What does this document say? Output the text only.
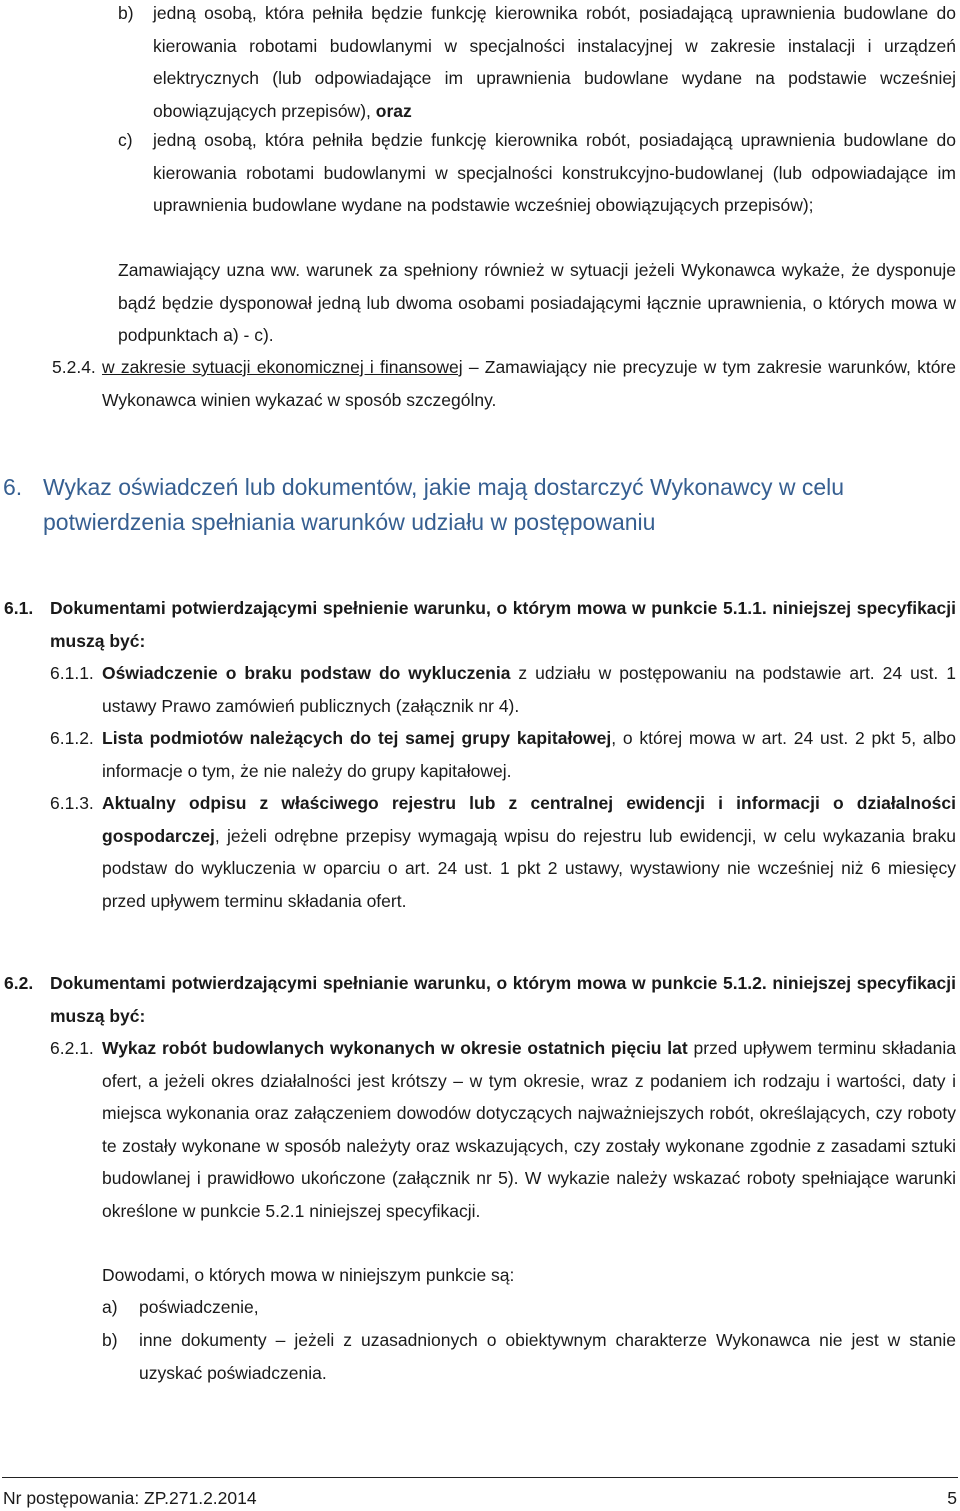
b) jedną osobą, która pełniła będzie funkcję kierownika robót, posiadającą uprawnienia budowlane do kierowania robotami budowlanymi w specjalności instalacyjnej w zakresie instalacji i urządzeń elektrycznych (lub odpowiadające im uprawnienia budowlane wydane na podstawie wcześniej obowiązujących przepisów), oraz
c) jedną osobą, która pełniła będzie funkcję kierownika robót, posiadającą uprawnienia budowlane do kierowania robotami budowlanymi w specjalności konstrukcyjno-budowlanej (lub odpowiadające im uprawnienia budowlane wydane na podstawie wcześniej obowiązujących przepisów);
Zamawiający uzna ww. warunek za spełniony również w sytuacji jeżeli Wykonawca wykaże, że dysponuje bądź będzie dysponował jedną lub dwoma osobami posiadającymi łącznie uprawnienia, o których mowa w podpunktach a) - c).
5.2.4. w zakresie sytuacji ekonomicznej i finansowej – Zamawiający nie precyzuje w tym zakresie warunków, które Wykonawca winien wykazać w sposób szczególny.
6. Wykaz oświadczeń lub dokumentów, jakie mają dostarczyć Wykonawcy w celu potwierdzenia spełniania warunków udziału w postępowaniu
6.1. Dokumentami potwierdzającymi spełnienie warunku, o którym mowa w punkcie 5.1.1. niniejszej specyfikacji muszą być:
6.1.1. Oświadczenie o braku podstaw do wykluczenia z udziału w postępowaniu na podstawie art. 24 ust. 1 ustawy Prawo zamówień publicznych (załącznik nr 4).
6.1.2. Lista podmiotów należących do tej samej grupy kapitałowej, o której mowa w art. 24 ust. 2 pkt 5, albo informacje o tym, że nie należy do grupy kapitałowej.
6.1.3. Aktualny odpisu z właściwego rejestru lub z centralnej ewidencji i informacji o działalności gospodarczej, jeżeli odrębne przepisy wymagają wpisu do rejestru lub ewidencji, w celu wykazania braku podstaw do wykluczenia w oparciu o art. 24 ust. 1 pkt 2 ustawy, wystawiony nie wcześniej niż 6 miesięcy przed upływem terminu składania ofert.
6.2. Dokumentami potwierdzającymi spełnianie warunku, o którym mowa w punkcie 5.1.2. niniejszej specyfikacji muszą być:
6.2.1. Wykaz robót budowlanych wykonanych w okresie ostatnich pięciu lat przed upływem terminu składania ofert, a jeżeli okres działalności jest krótszy – w tym okresie, wraz z podaniem ich rodzaju i wartości, daty i miejsca wykonania oraz załączeniem dowodów dotyczących najważniejszych robót, określających, czy roboty te zostały wykonane w sposób należyty oraz wskazujących, czy zostały wykonane zgodnie z zasadami sztuki budowlanej i prawidłowo ukończone (załącznik nr 5). W wykazie należy wskazać roboty spełniające warunki określone w punkcie 5.2.1 niniejszej specyfikacji.
Dowodami, o których mowa w niniejszym punkcie są:
a) poświadczenie,
b) inne dokumenty – jeżeli z uzasadnionych o obiektywnym charakterze Wykonawca nie jest w stanie uzyskać poświadczenia.
Nr postępowania: ZP.271.2.2014	5
